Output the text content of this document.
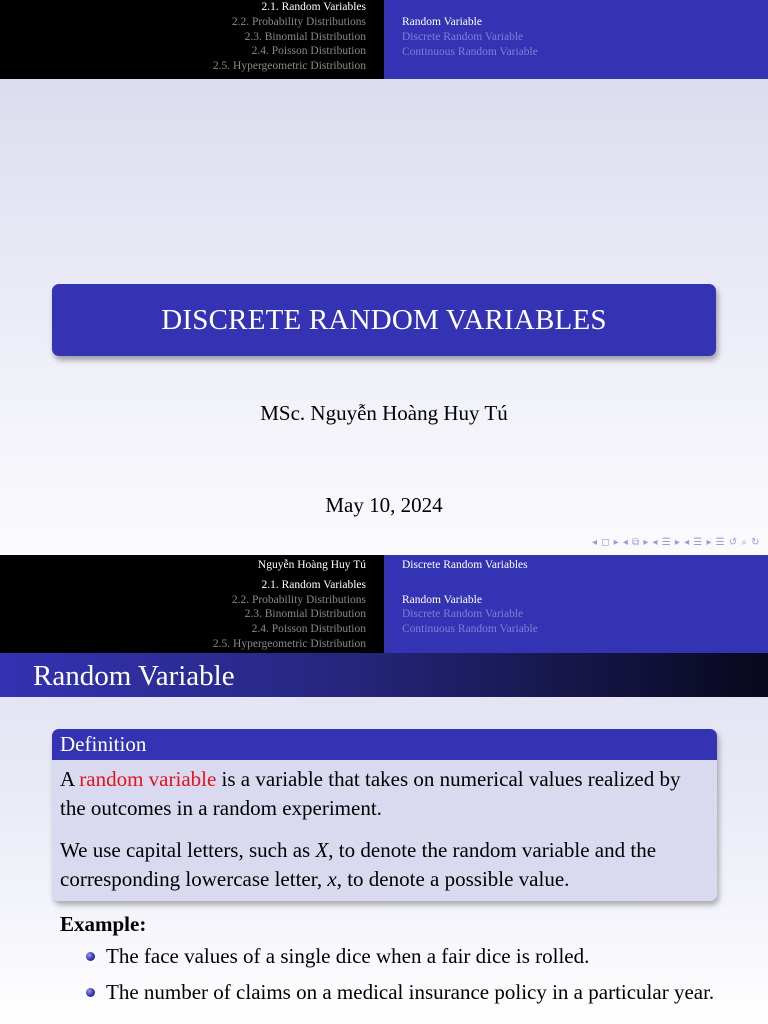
2.1. Random Variables
2.2. Probability Distributions
2.3. Binomial Distribution
2.4. Poisson Distribution
2.5. Hypergeometric Distribution
Random Variable
Discrete Random Variable
Continuous Random Variable
DISCRETE RANDOM VARIABLES
MSc. Nguyễn Hoàng Huy Tú
May 10, 2024
◂ ◻ ▸ ◂ ⧉ ▸ ◂ ☰ ▸ ◂ ☰ ▸ ☰ ↺ ⌕ ↻
Nguyễn Hoàng Huy Tú
2.1. Random Variables
2.2. Probability Distributions
2.3. Binomial Distribution
2.4. Poisson Distribution
2.5. Hypergeometric Distribution
Discrete Random Variables
Random Variable
Discrete Random Variable
Continuous Random Variable
Random Variable
Definition

A random variable is a variable that takes on numerical values realized by the outcomes in a random experiment.

We use capital letters, such as X, to denote the random variable and the corresponding lowercase letter, x, to denote a possible value.

Example:
The face values of a single dice when a fair dice is rolled.
The number of claims on a medical insurance policy in a particular year.
